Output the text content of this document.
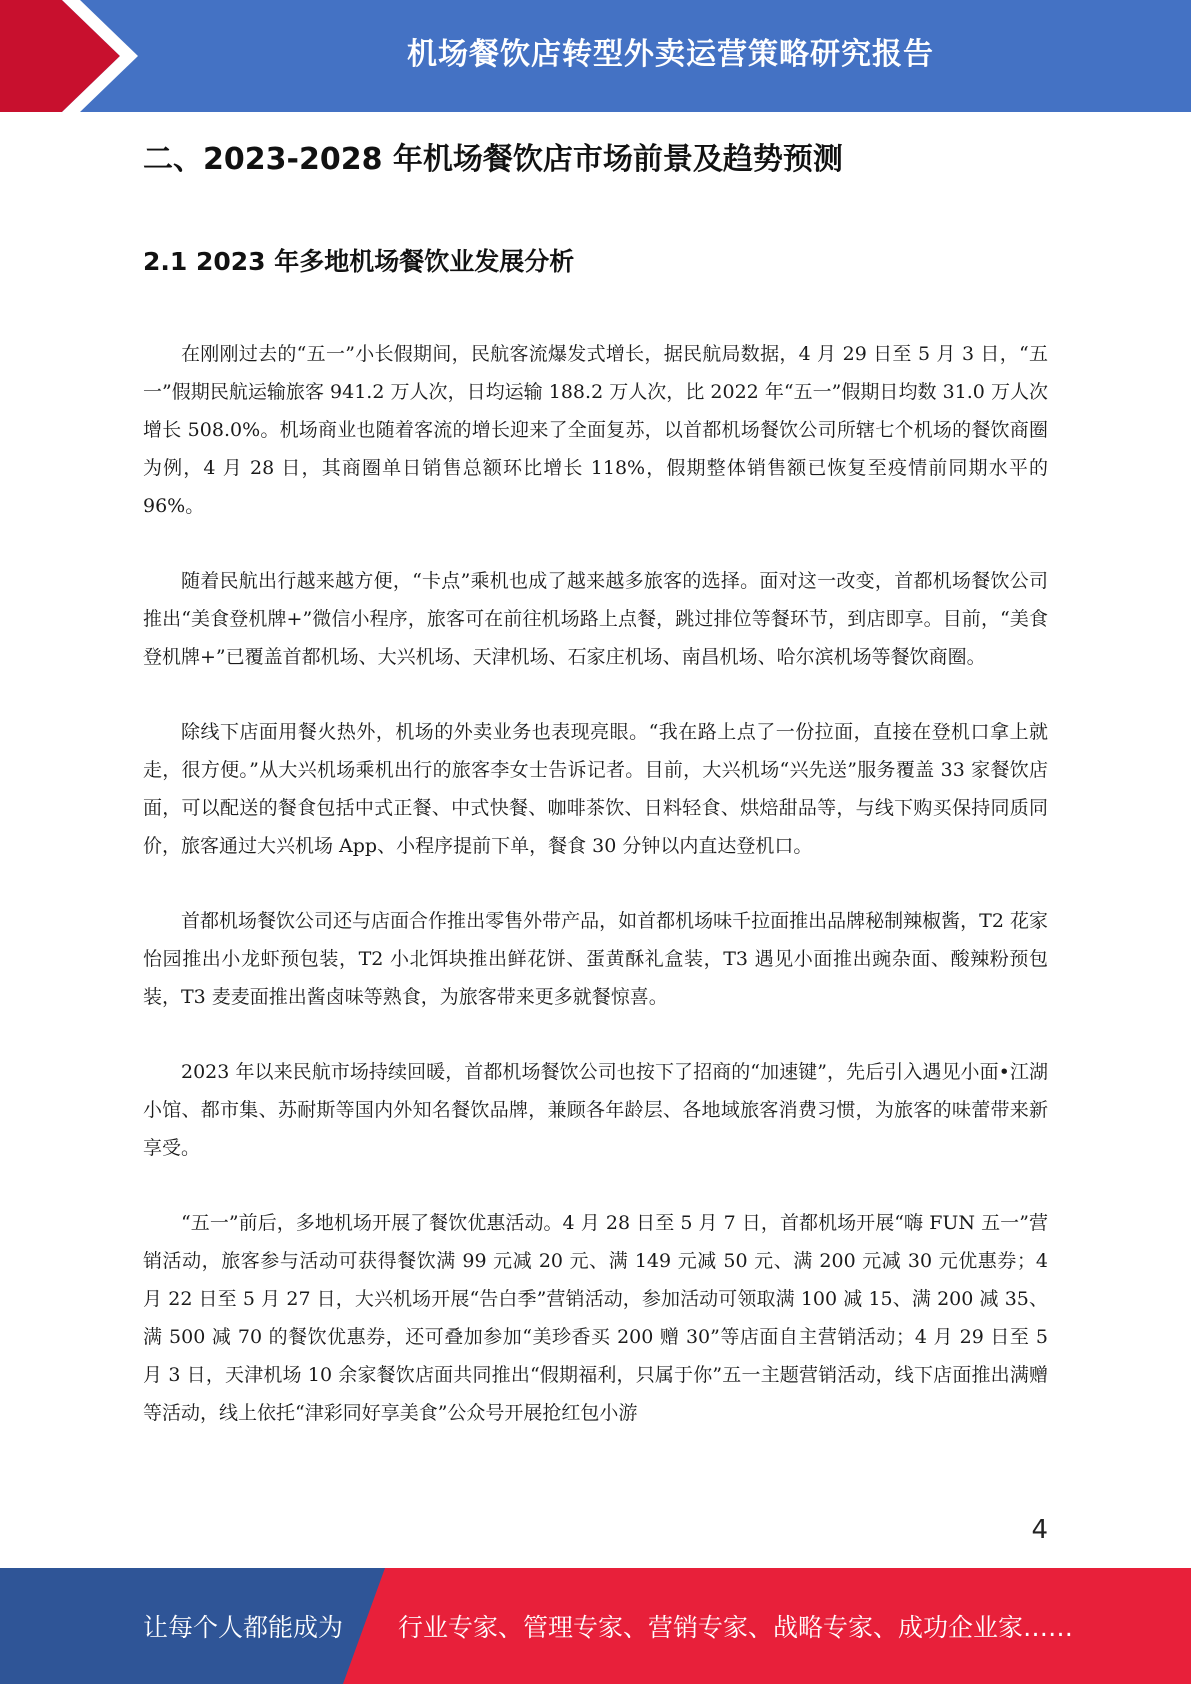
机场餐饮店转型外卖运营策略研究报告
二、2023-2028 年机场餐饮店市场前景及趋势预测
2.1 2023 年多地机场餐饮业发展分析

在刚刚过去的“五一”小长假期间，民航客流爆发式增长，据民航局数据，4 月 29 日至 5 月 3 日，“五一”假期民航运输旅客 941.2 万人次，日均运输 188.2 万人次，比 2022 年“五一”假期日均数 31.0 万人次增长 508.0%。机场商业也随着客流的增长迎来了全面复苏，以首都机场餐饮公司所辖七个机场的餐饮商圈为例，4 月 28 日，其商圈单日销售总额环比增长 118%，假期整体销售额已恢复至疫情前同期水平的 96%。

随着民航出行越来越方便，“卡点”乘机也成了越来越多旅客的选择。面对这一改变，首都机场餐饮公司推出“美食登机牌+”微信小程序，旅客可在前往机场路上点餐，跳过排位等餐环节，到店即享。目前，“美食登机牌+”已覆盖首都机场、大兴机场、天津机场、石家庄机场、南昌机场、哈尔滨机场等餐饮商圈。

除线下店面用餐火热外，机场的外卖业务也表现亮眼。“我在路上点了一份拉面，直接在登机口拿上就走，很方便。”从大兴机场乘机出行的旅客李女士告诉记者。目前，大兴机场“兴先送”服务覆盖 33 家餐饮店面，可以配送的餐食包括中式正餐、中式快餐、咖啡茶饮、日料轻食、烘焙甜品等，与线下购买保持同质同价，旅客通过大兴机场 App、小程序提前下单，餐食 30 分钟以内直达登机口。

首都机场餐饮公司还与店面合作推出零售外带产品，如首都机场味千拉面推出品牌秘制辣椒酱，T2 花家怡园推出小龙虾预包装，T2 小北饵块推出鲜花饼、蛋黄酥礼盒装，T3 遇见小面推出豌杂面、酸辣粉预包装，T3 麦麦面推出酱卤味等熟食，为旅客带来更多就餐惊喜。

2023 年以来民航市场持续回暖，首都机场餐饮公司也按下了招商的“加速键”，先后引入遇见小面•江湖小馆、都市集、苏耐斯等国内外知名餐饮品牌，兼顾各年龄层、各地域旅客消费习惯，为旅客的味蕾带来新享受。

“五一”前后，多地机场开展了餐饮优惠活动。4 月 28 日至 5 月 7 日，首都机场开展“嗨 FUN 五一”营销活动，旅客参与活动可获得餐饮满 99 元减 20 元、满 149 元减 50 元、满 200 元减 30 元优惠券；4 月 22 日至 5 月 27 日，大兴机场开展“告白季”营销活动，参加活动可领取满 100 减 15、满 200 减 35、满 500 减 70 的餐饮优惠券，还可叠加参加“美珍香买 200 赠 30”等店面自主营销活动；4 月 29 日至 5 月 3 日，天津机场 10 余家餐饮店面共同推出“假期福利，只属于你”五一主题营销活动，线下店面推出满赠等活动，线上依托“津彩同好享美食”公众号开展抢红包小游

4
让每个人都能成为 行业专家、管理专家、营销专家、战略专家、成功企业家……
